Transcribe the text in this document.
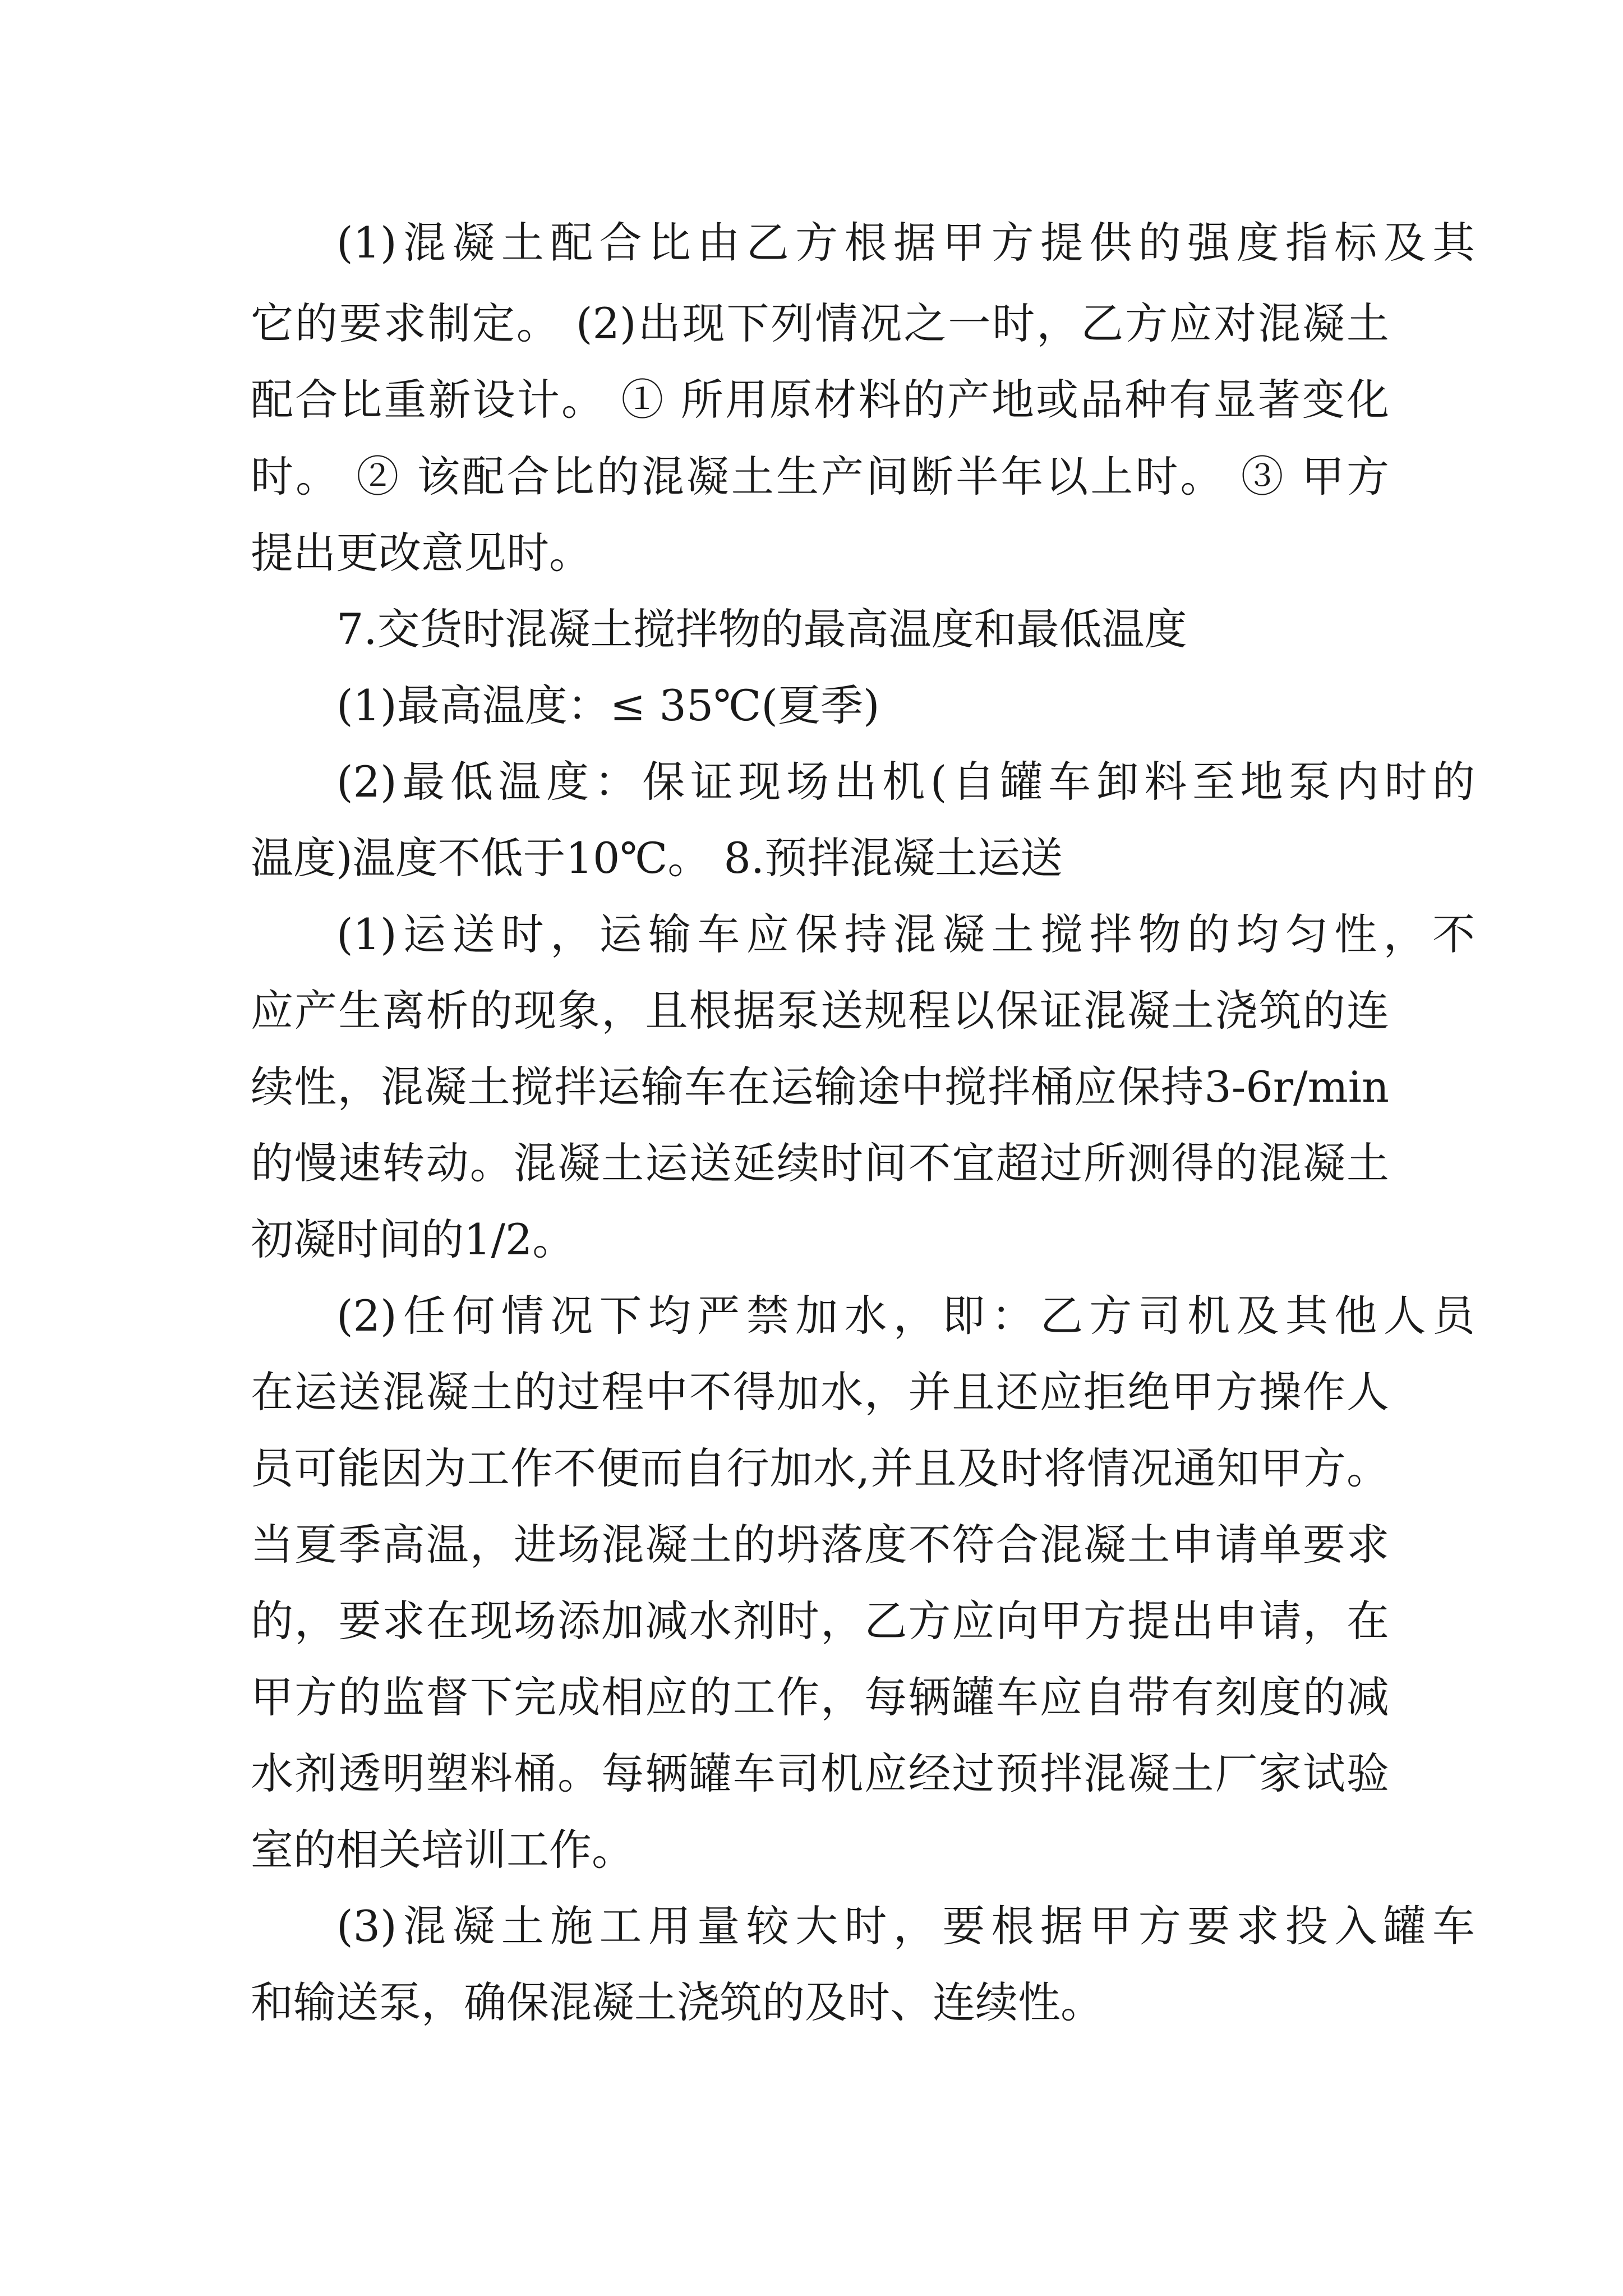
(1)混凝土配合比由乙方根据甲方提供的强度指标及其
它的要求制定。 (2)出现下列情况之一时，乙方应对混凝土
配合比重新设计。 ① 所用原材料的产地或品种有显著变化
时。 ② 该配合比的混凝土生产间断半年以上时。 ③ 甲方
提出更改意见时。
7.交货时混凝土搅拌物的最高温度和最低温度
(1)最高温度：≤ 35℃(夏季)
(2)最低温度：保证现场出机(自罐车卸料至地泵内时的
温度)温度不低于10℃。 8.预拌混凝土运送
(1)运送时，运输车应保持混凝土搅拌物的均匀性，不
应产生离析的现象，且根据泵送规程以保证混凝土浇筑的连
续性，混凝土搅拌运输车在运输途中搅拌桶应保持3-6r/min
的慢速转动。混凝土运送延续时间不宜超过所测得的混凝土
初凝时间的1/2。
(2)任何情况下均严禁加水，即：乙方司机及其他人员
在运送混凝土的过程中不得加水，并且还应拒绝甲方操作人
员可能因为工作不便而自行加水,并且及时将情况通知甲方。
当夏季高温，进场混凝土的坍落度不符合混凝土申请单要求
的，要求在现场添加减水剂时，乙方应向甲方提出申请，在
甲方的监督下完成相应的工作，每辆罐车应自带有刻度的减
水剂透明塑料桶。每辆罐车司机应经过预拌混凝土厂家试验
室的相关培训工作。
(3)混凝土施工用量较大时，要根据甲方要求投入罐车
和输送泵，确保混凝土浇筑的及时、连续性。
